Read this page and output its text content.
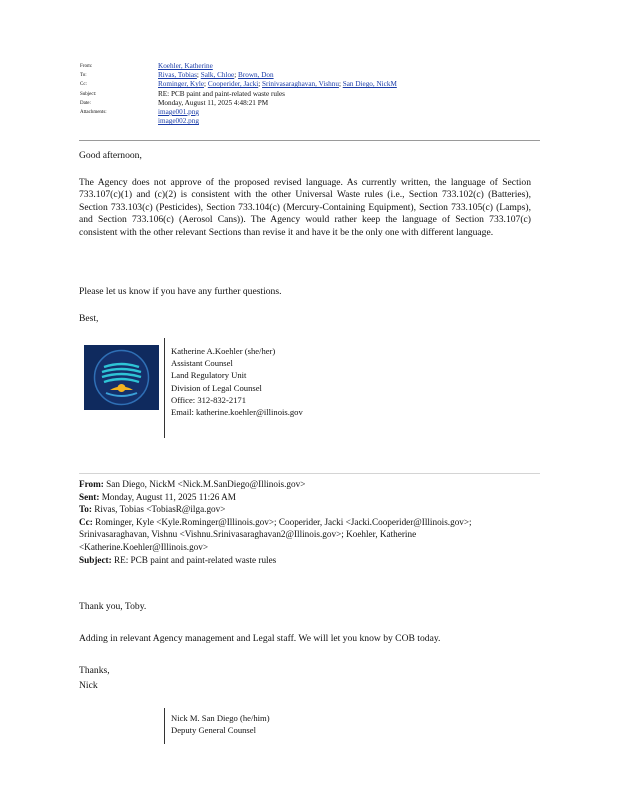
From:	Koehler, Katherine
To:	Rivas, Tobias; Salk, Chloe; Brown, Don
Cc:	Rominger, Kyle; Cooperider, Jacki; Srinivasaraghavan, Vishnu; San Diego, NickM
Subject:	RE: PCB paint and paint-related waste rules
Date:	Monday, August 11, 2025 4:48:21 PM
Attachments:	image001.png
image002.png
Good afternoon,
The Agency does not approve of the proposed revised language. As currently written, the language of Section 733.107(c)(1) and (c)(2) is consistent with the other Universal Waste rules (i.e., Section 733.102(c) (Batteries), Section 733.103(c) (Pesticides), Section 733.104(c) (Mercury-Containing Equipment), Section 733.105(c) (Lamps), and Section 733.106(c) (Aerosol Cans)). The Agency would rather keep the language of Section 733.107(c) consistent with the other relevant Sections than revise it and have it be the only one with different language.
Please let us know if you have any further questions.
Best,
Katherine A.Koehler (she/her)
Assistant Counsel
Land Regulatory Unit
Division of Legal Counsel
Office: 312-832-2171
Email: katherine.koehler@illinois.gov
From: San Diego, NickM <Nick.M.SanDiego@Illinois.gov>
Sent: Monday, August 11, 2025 11:26 AM
To: Rivas, Tobias <TobiasR@ilga.gov>
Cc: Rominger, Kyle <Kyle.Rominger@Illinois.gov>; Cooperider, Jacki <Jacki.Cooperider@Illinois.gov>;
Srinivasaraghavan, Vishnu <Vishnu.Srinivasaraghavan2@Illinois.gov>; Koehler, Katherine
<Katherine.Koehler@Illinois.gov>
Subject: RE: PCB paint and paint-related waste rules
Thank you, Toby.
Adding in relevant Agency management and Legal staff. We will let you know by COB today.
Thanks,
Nick
Nick M. San Diego (he/him)
Deputy General Counsel
